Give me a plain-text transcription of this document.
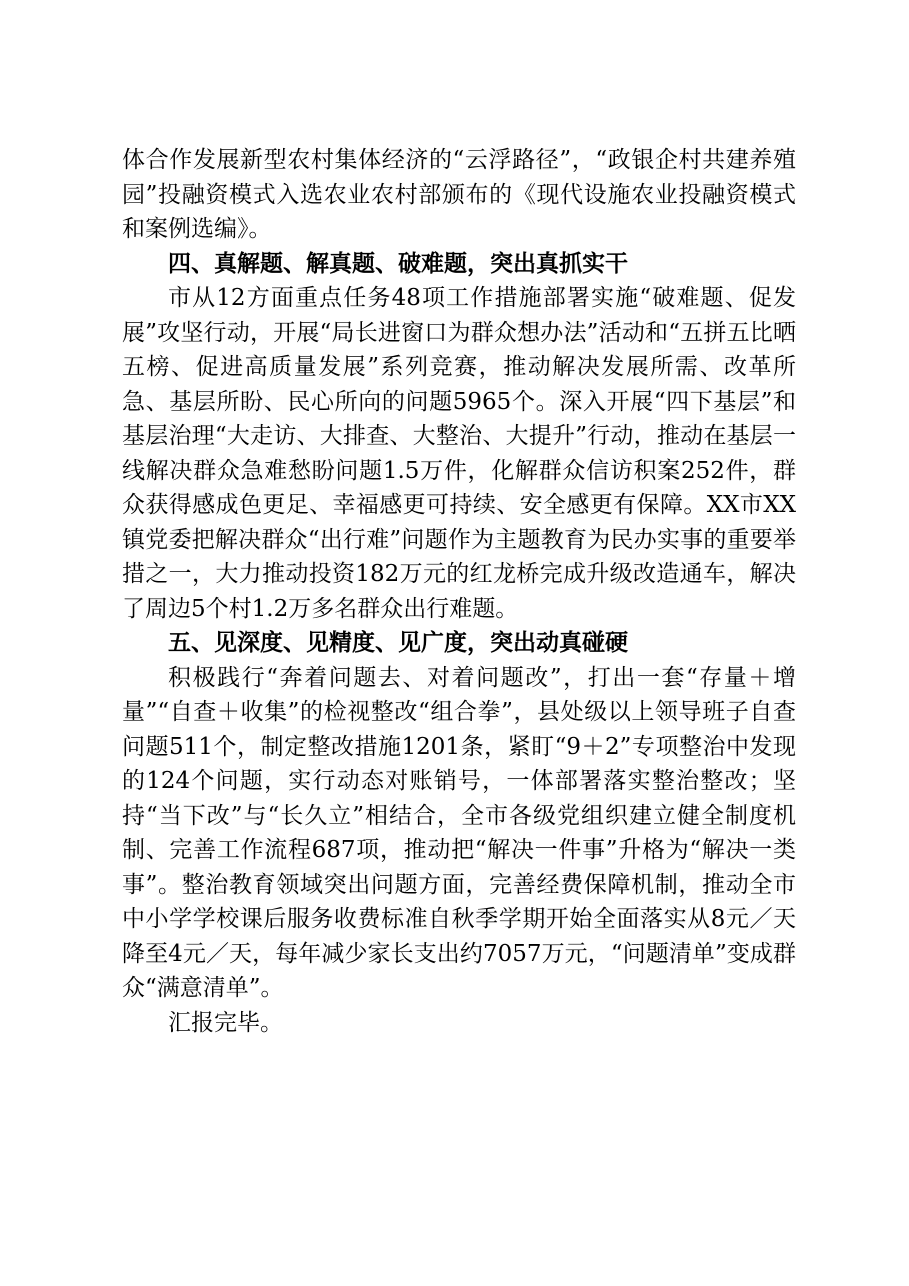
体合作发展新型农村集体经济的“云浮路径”，“政银企村共建养殖园”投融资模式入选农业农村部颁布的《现代设施农业投融资模式和案例选编》。

四、真解题、解真题、破难题，突出真抓实干

市从12方面重点任务48项工作措施部署实施“破难题、促发展”攻坚行动，开展“局长进窗口为群众想办法”活动和“五拼五比晒五榜、促进高质量发展”系列竞赛，推动解决发展所需、改革所急、基层所盼、民心所向的问题5965个。深入开展“四下基层”和基层治理“大走访、大排查、大整治、大提升”行动，推动在基层一线解决群众急难愁盼问题1.5万件，化解群众信访积案252件，群众获得感成色更足、幸福感更可持续、安全感更有保障。XX市XX镇党委把解决群众“出行难”问题作为主题教育为民办实事的重要举措之一，大力推动投资182万元的红龙桥完成升级改造通车，解决了周边5个村1.2万多名群众出行难题。

五、见深度、见精度、见广度，突出动真碰硬

积极践行“奔着问题去、对着问题改”，打出一套“存量＋增量”“自查＋收集”的检视整改“组合拳”，县处级以上领导班子自查问题511个，制定整改措施1201条，紧盯“9＋2”专项整治中发现的124个问题，实行动态对账销号，一体部署落实整治整改；坚持“当下改”与“长久立”相结合，全市各级党组织建立健全制度机制、完善工作流程687项，推动把“解决一件事”升格为“解决一类事”。整治教育领域突出问题方面，完善经费保障机制，推动全市中小学学校课后服务收费标准自秋季学期开始全面落实从8元／天降至4元／天，每年减少家长支出约7057万元，“问题清单”变成群众“满意清单”。

汇报完毕。
